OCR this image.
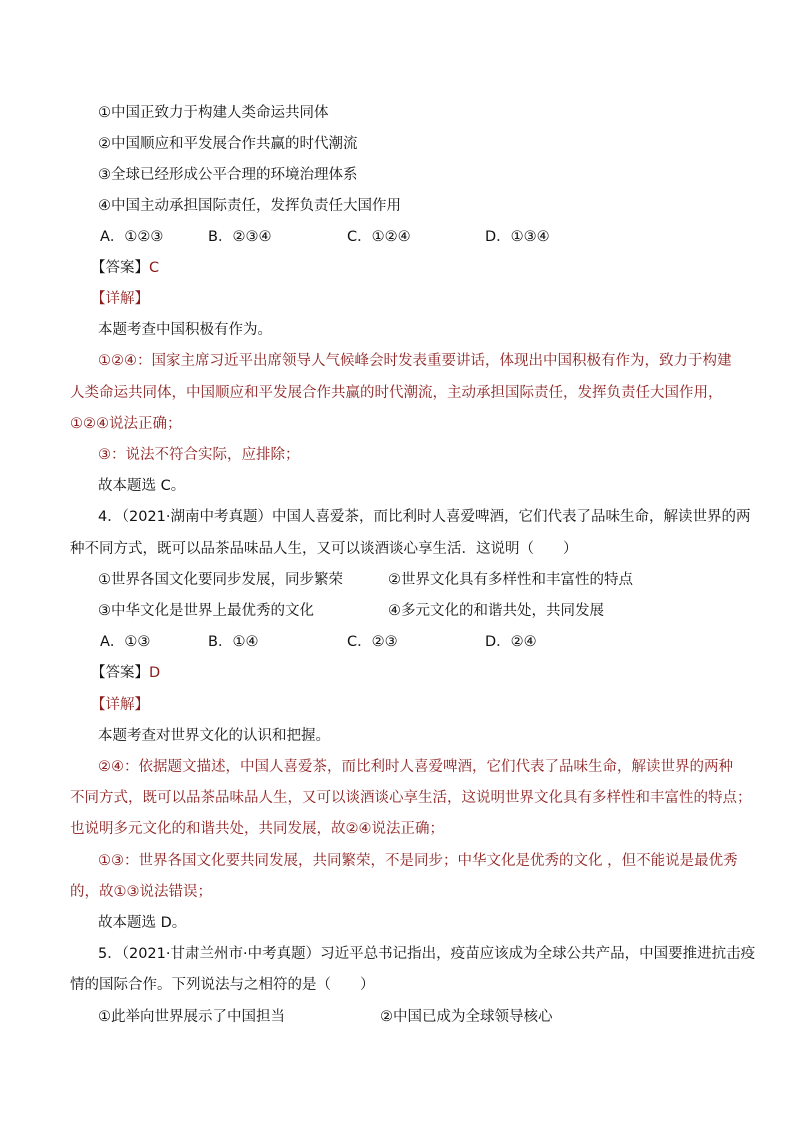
①中国正致力于构建人类命运共同体
②中国顺应和平发展合作共赢的时代潮流
③全球已经形成公平合理的环境治理体系
④中国主动承担国际责任，发挥负责任大国作用
A．①②③	B．②③④	C．①②④	D．①③④
【答案】C
【详解】
本题考查中国积极有作为。
①②④：国家主席习近平出席领导人气候峰会时发表重要讲话，体现出中国积极有作为，致力于构建
人类命运共同体，中国顺应和平发展合作共赢的时代潮流，主动承担国际责任，发挥负责任大国作用，
①②④说法正确；
③：说法不符合实际，应排除；
故本题选 C。
4．（2021·湖南中考真题）中国人喜爱茶，而比利时人喜爱啤酒，它们代表了品味生命，解读世界的两
种不同方式，既可以品茶品味品人生，又可以谈酒谈心享生活．这说明（　　）
①世界各国文化要同步发展，同步繁荣	②世界文化具有多样性和丰富性的特点
③中华文化是世界上最优秀的文化	④多元文化的和谐共处，共同发展
A．①③	B．①④	C．②③	D．②④
【答案】D
【详解】
本题考查对世界文化的认识和把握。
②④：依据题文描述，中国人喜爱茶，而比利时人喜爱啤酒，它们代表了品味生命，解读世界的两种
不同方式，既可以品茶品味品人生，又可以谈酒谈心享生活，这说明世界文化具有多样性和丰富性的特点；
也说明多元文化的和谐共处，共同发展，故②④说法正确；
①③：世界各国文化要共同发展，共同繁荣，不是同步；中华文化是优秀的文化 ，但不能说是最优秀
的，故①③说法错误；
故本题选 D。
5．（2021·甘肃兰州市·中考真题）习近平总书记指出，疫苗应该成为全球公共产品，中国要推进抗击疫
情的国际合作。下列说法与之相符的是（　　）
①此举向世界展示了中国担当	②中国已成为全球领导核心
